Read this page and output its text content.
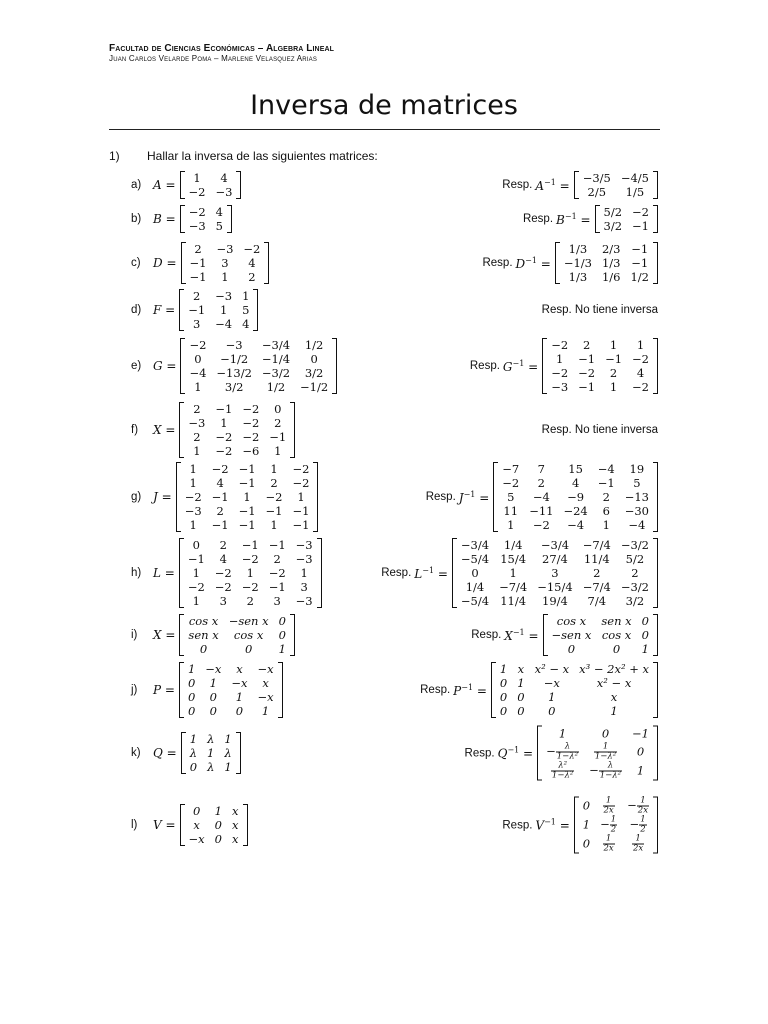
Facultad de Ciencias Económicas – Algebra Lineal
Juan Carlos Velarde Poma – Marlene Velasquez Arias
Inversa de matrices
1) Hallar la inversa de las siguientes matrices:
a) A = 1	4
−2	−3	Resp. $A^{-1}$ =
−3/5	−4/5
2/5	1/5
b) B = −2	4
−3	5	Resp. $B^{-1}$ =
5/2	−2
3/2	−1
c) D =
2	−3	−2
−1	3	4
−1	1	2
Resp. $D^{-1}$ =
1/3	2/3	−1
−1/3	1/3	−1
1/3	1/6	1/2
d) F =
2	−3	1
−1	1	5
3	−4	4
Resp. No tiene inversa
e) G =
−2	−3	−3/4	1/2
0	−1/2	−1/4	0
−4	−13/2	−3/2	3/2
1	3/2	1/2	−1/2
Resp. $G^{-1}$ =
−2	2	1	1
1	−1	−1	−2
−2	−2	2	4
−3	−1	1	−2
f) X =
2	−1	−2	0
−3	1	−2	2
2	−2	−2	−1
1	−2	−6	1
Resp. No tiene inversa
g) J =
1	−2	−1	1	−2
1	4	−1	2	−2
−2	−1	1	−2	1
−3	2	−1	−1	−1
1	−1	−1	1	−1
Resp. $J^{-1}$ =
−7	7	15	−4	19
−2	2	4	−1	5
5	−4	−9	2	−13
11	−11	−24	6	−30
1	−2	−4	1	−4
h) L =
0	2	−1	−1	−3
−1	4	−2	2	−3
1	−2	1	−2	1
−2	−2	−2	−1	3
1	3	2	3	−3
Resp. $L^{-1}$ =
−3/4	1/4	−3/4	−7/4	−3/2
−5/4	15/4	27/4	11/4	5/2
0	1	3	2	2
1/4	−7/4	−15/4	−7/4	−3/2
−5/4	11/4	19/4	7/4	3/2
i) X =
cos x	−sen x	0
sen x	cos x	0
0	0	1
Resp. $X^{-1}$ =
cos x	sen x	0
−sen x	cos x	0
0	0	1
j) P =
1	−x	x	−x
0	1	−x	x
0	0	1	−x
0	0	0	1
Resp. $P^{-1}$ =
1	x	x² − x	x³ − 2x² + x
0	1	−x	x² − x
0	0	1	x
0	0	0	1
k) Q =
1	λ	1
λ	1	λ
0	λ	1
Resp. $Q^{-1}$ =
1	0	−1
− $\frac{\lambda}{\text{1−λ²}}$	$\frac{1}{\text{1−λ²}}$	0

$\frac{\text{λ²}}{\text{1−λ²}}$	− $\frac{\lambda}{\text{1−λ²}}$	1
l) V =
0	1	x
x	0	x
−x	0	x
Resp. $V^{-1}$ =
0	$\frac{1}{2x}$	− $\frac{1}{2x}$

1	− $\frac{1}{2}$	− $\frac{1}{2}$

0	$\frac{1}{2x}$	$\frac{1}{2x}$
